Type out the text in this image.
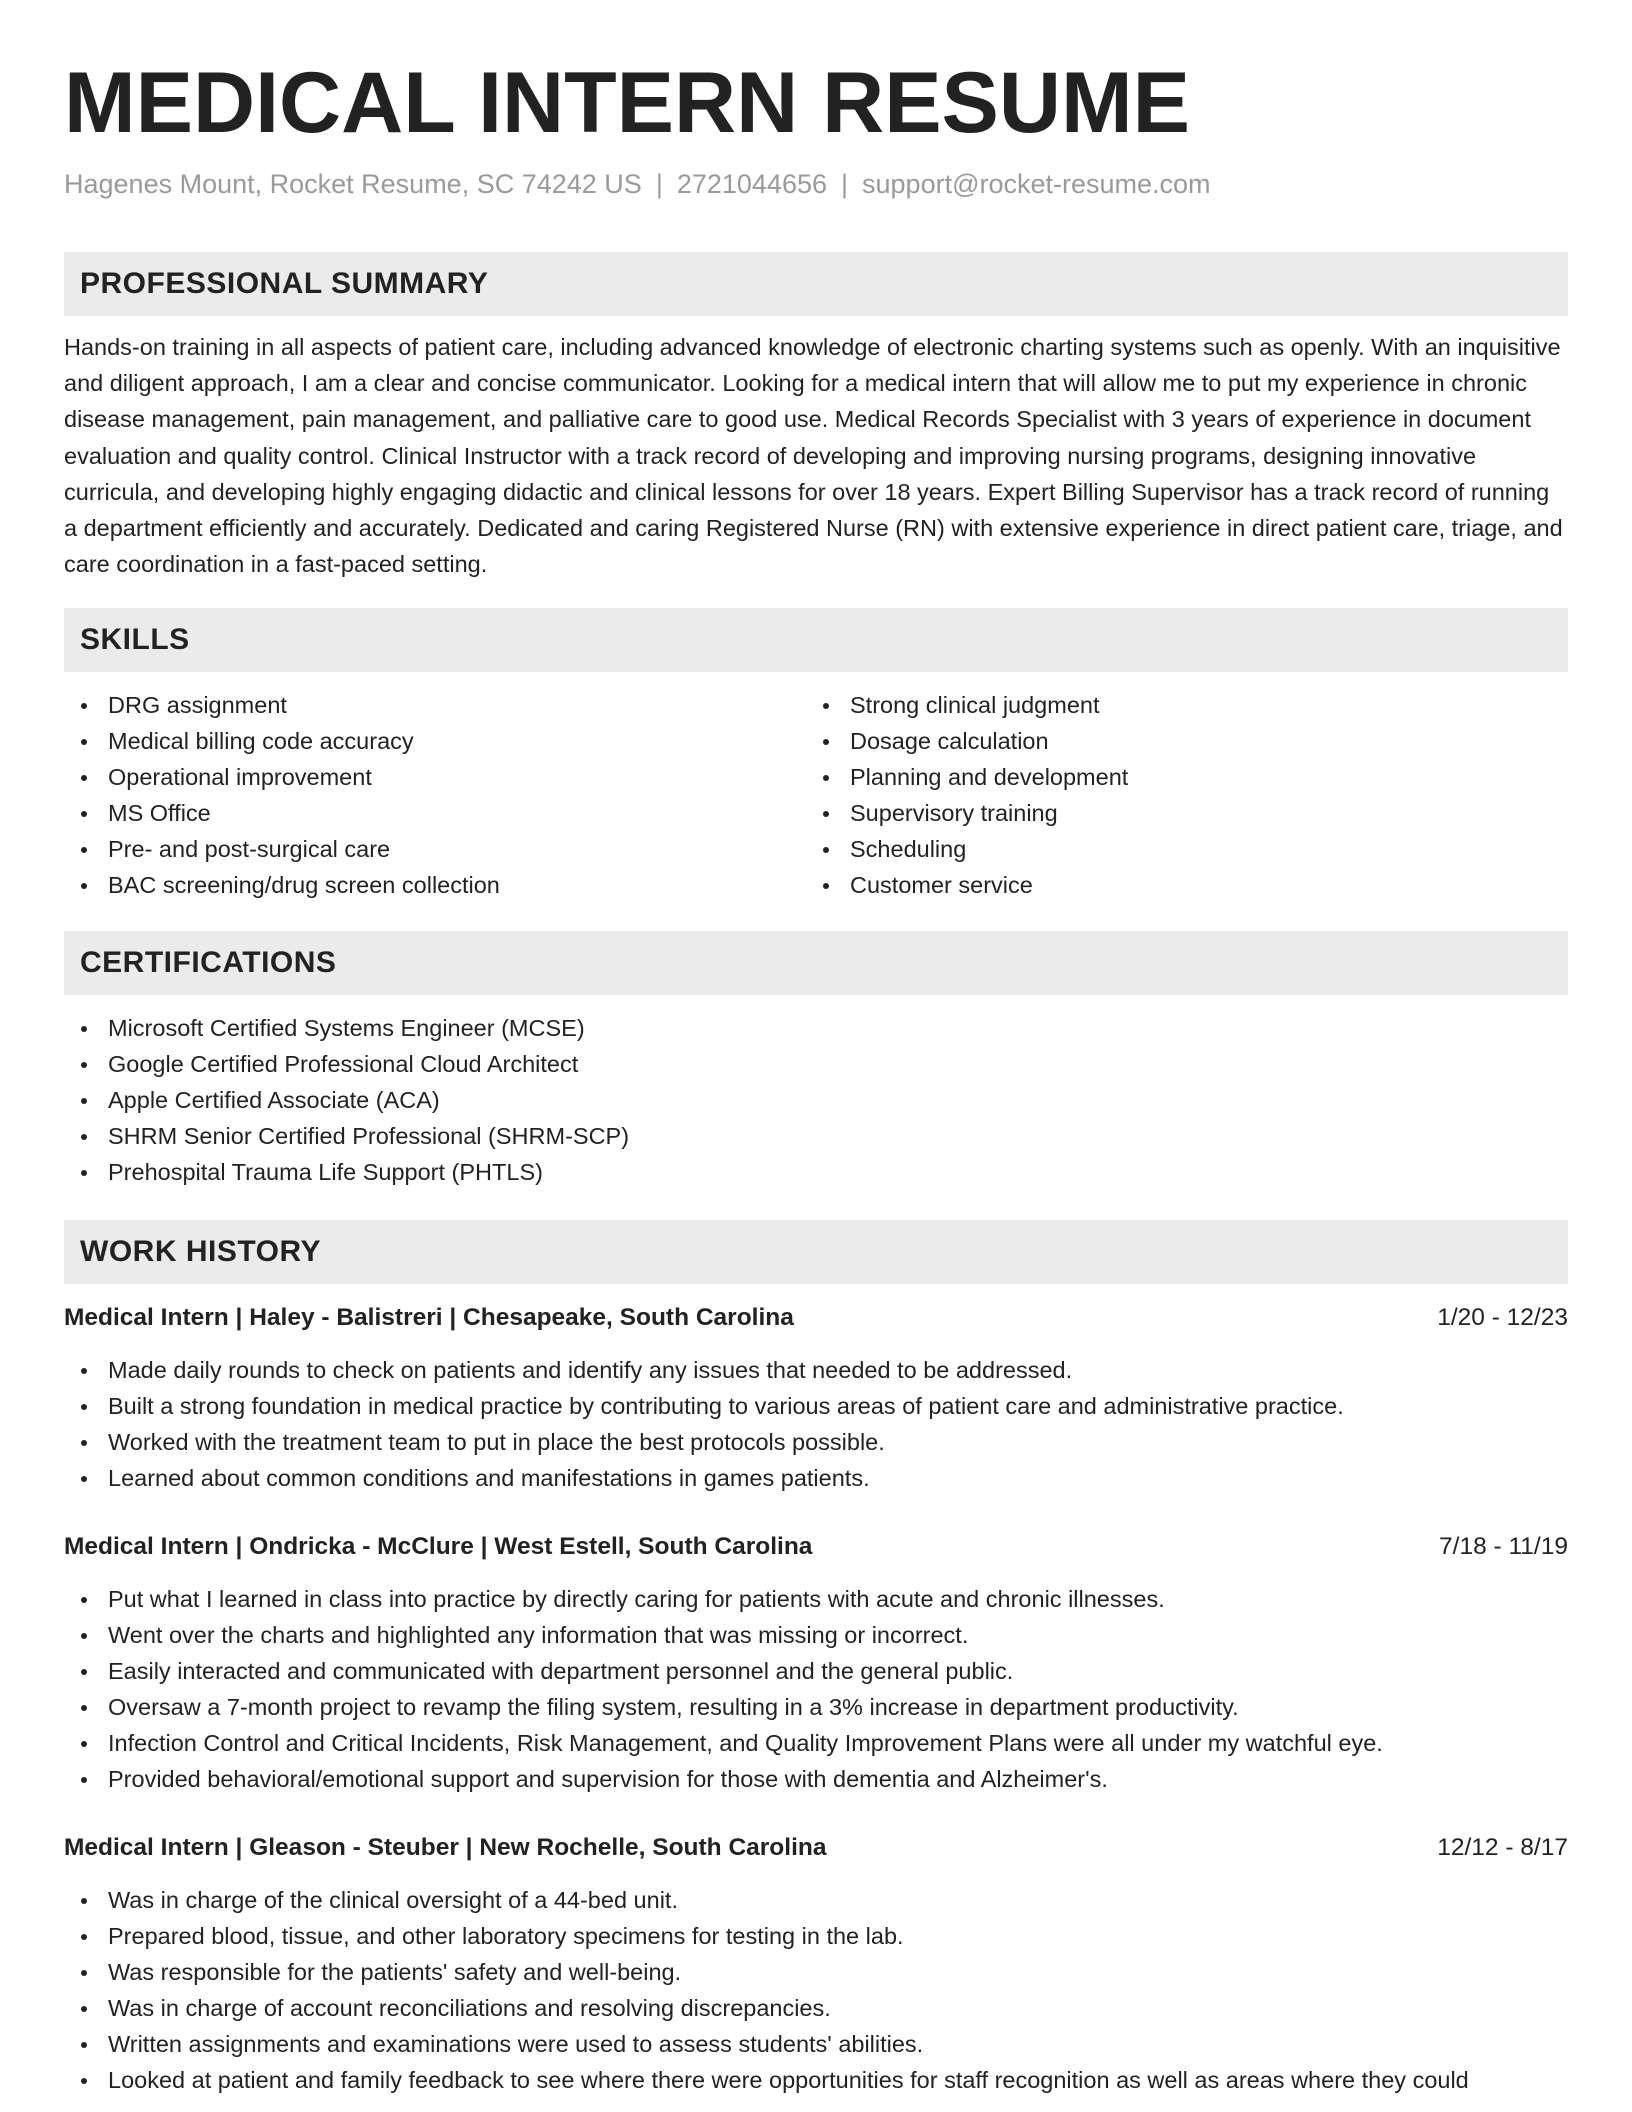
MEDICAL INTERN RESUME
Hagenes Mount, Rocket Resume, SC 74242 US | 2721044656 | support@rocket-resume.com
PROFESSIONAL SUMMARY

Hands-on training in all aspects of patient care, including advanced knowledge of electronic charting systems such as openly. With an inquisitive and diligent approach, I am a clear and concise communicator. Looking for a medical intern that will allow me to put my experience in chronic disease management, pain management, and palliative care to good use. Medical Records Specialist with 3 years of experience in document evaluation and quality control. Clinical Instructor with a track record of developing and improving nursing programs, designing innovative curricula, and developing highly engaging didactic and clinical lessons for over 18 years. Expert Billing Supervisor has a track record of running a department efficiently and accurately. Dedicated and caring Registered Nurse (RN) with extensive experience in direct patient care, triage, and care coordination in a fast-paced setting.

SKILLS
DRG assignment
Medical billing code accuracy
Operational improvement
MS Office
Pre- and post-surgical care
BAC screening/drug screen collection
Strong clinical judgment
Dosage calculation
Planning and development
Supervisory training
Scheduling
Customer service
CERTIFICATIONS
Microsoft Certified Systems Engineer (MCSE)
Google Certified Professional Cloud Architect
Apple Certified Associate (ACA)
SHRM Senior Certified Professional (SHRM-SCP)
Prehospital Trauma Life Support (PHTLS)
WORK HISTORY
Medical Intern | Haley - Balistreri | Chesapeake, South Carolina	1/20 - 12/23
Made daily rounds to check on patients and identify any issues that needed to be addressed.
Built a strong foundation in medical practice by contributing to various areas of patient care and administrative practice.
Worked with the treatment team to put in place the best protocols possible.
Learned about common conditions and manifestations in games patients.
Medical Intern | Ondricka - McClure | West Estell, South Carolina	7/18 - 11/19
Put what I learned in class into practice by directly caring for patients with acute and chronic illnesses.
Went over the charts and highlighted any information that was missing or incorrect.
Easily interacted and communicated with department personnel and the general public.
Oversaw a 7-month project to revamp the filing system, resulting in a 3% increase in department productivity.
Infection Control and Critical Incidents, Risk Management, and Quality Improvement Plans were all under my watchful eye.
Provided behavioral/emotional support and supervision for those with dementia and Alzheimer's.
Medical Intern | Gleason - Steuber | New Rochelle, South Carolina	12/12 - 8/17
Was in charge of the clinical oversight of a 44-bed unit.
Prepared blood, tissue, and other laboratory specimens for testing in the lab.
Was responsible for the patients' safety and well-being.
Was in charge of account reconciliations and resolving discrepancies.
Written assignments and examinations were used to assess students' abilities.
Looked at patient and family feedback to see where there were opportunities for staff recognition as well as areas where they could
